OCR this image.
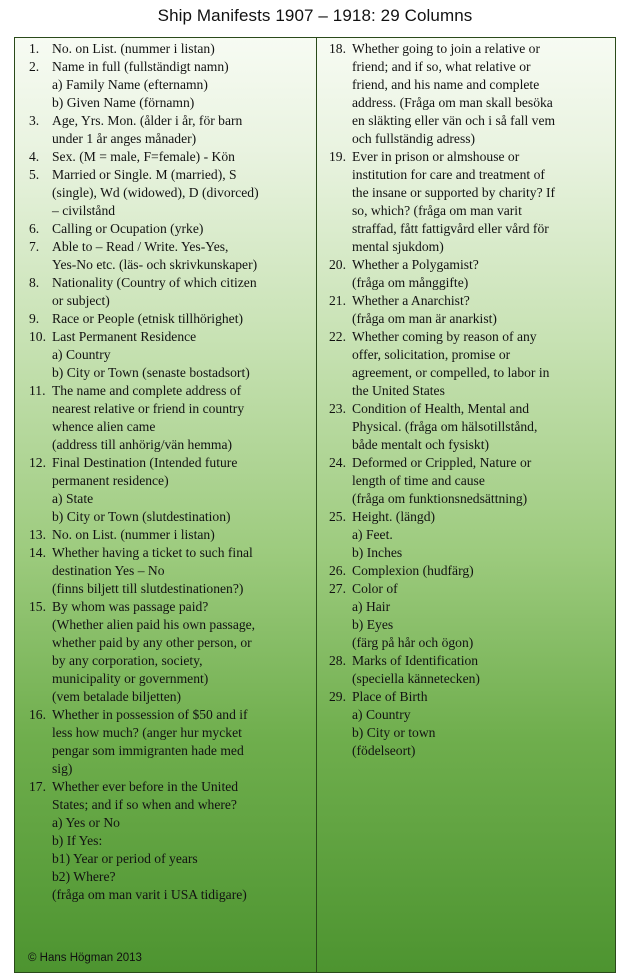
Ship Manifests 1907 – 1918: 29 Columns
1. No. on List. (nummer i listan)
2. Name in full (fullständigt namn)
a) Family Name (efternamn)
b) Given Name (förnamn)
3. Age, Yrs. Mon. (ålder i år, för barn
under 1 år anges månader)
4. Sex. (M = male, F=female) - Kön
5. Married or Single. M (married), S
(single), Wd (widowed), D (divorced)
– civilstånd
6. Calling or Ocupation (yrke)
7. Able to – Read / Write. Yes-Yes,
Yes-No etc. (läs- och skrivkunskaper)
8. Nationality (Country of which citizen
or subject)
9. Race or People (etnisk tillhörighet)
10. Last Permanent Residence
a) Country
b) City or Town (senaste bostadsort)
11. The name and complete address of
nearest relative or friend in country
whence alien came
(address till anhörig/vän hemma)
12. Final Destination (Intended future
permanent residence)
a) State
b) City or Town (slutdestination)
13. No. on List. (nummer i listan)
14. Whether having a ticket to such final
destination Yes – No
(finns biljett till slutdestinationen?)
15. By whom was passage paid?
(Whether alien paid his own passage,
whether paid by any other person, or
by any corporation, society,
municipality or government)
(vem betalade biljetten)
16. Whether in possession of $50 and if
less how much? (anger hur mycket
pengar som immigranten hade med
sig)
17. Whether ever before in the United
States; and if so when and where?
a) Yes or No
b) If Yes:
b1) Year or period of years
b2) Where?
(fråga om man varit i USA tidigare)
18. Whether going to join a relative or
friend; and if so, what relative or
friend, and his name and complete
address. (Fråga om man skall besöka
en släkting eller vän och i så fall vem
och fullständig adress)
19. Ever in prison or almshouse or
institution for care and treatment of
the insane or supported by charity? If
so, which? (fråga om man varit
straffad, fått fattigvård eller vård för
mental sjukdom)
20. Whether a Polygamist?
(fråga om månggifte)
21. Whether a Anarchist?
(fråga om man är anarkist)
22. Whether coming by reason of any
offer, solicitation, promise or
agreement, or compelled, to labor in
the United States
23. Condition of Health, Mental and
Physical. (fråga om hälsotillstånd,
både mentalt och fysiskt)
24. Deformed or Crippled, Nature or
length of time and cause
(fråga om funktionsnedsättning)
25. Height. (längd)
a) Feet.
b) Inches
26. Complexion (hudfärg)
27. Color of
a) Hair
b) Eyes
(färg på hår och ögon)
28. Marks of Identification
(speciella kännetecken)
29. Place of Birth
a) Country
b) City or town
(födelseort)
© Hans Högman 2013
